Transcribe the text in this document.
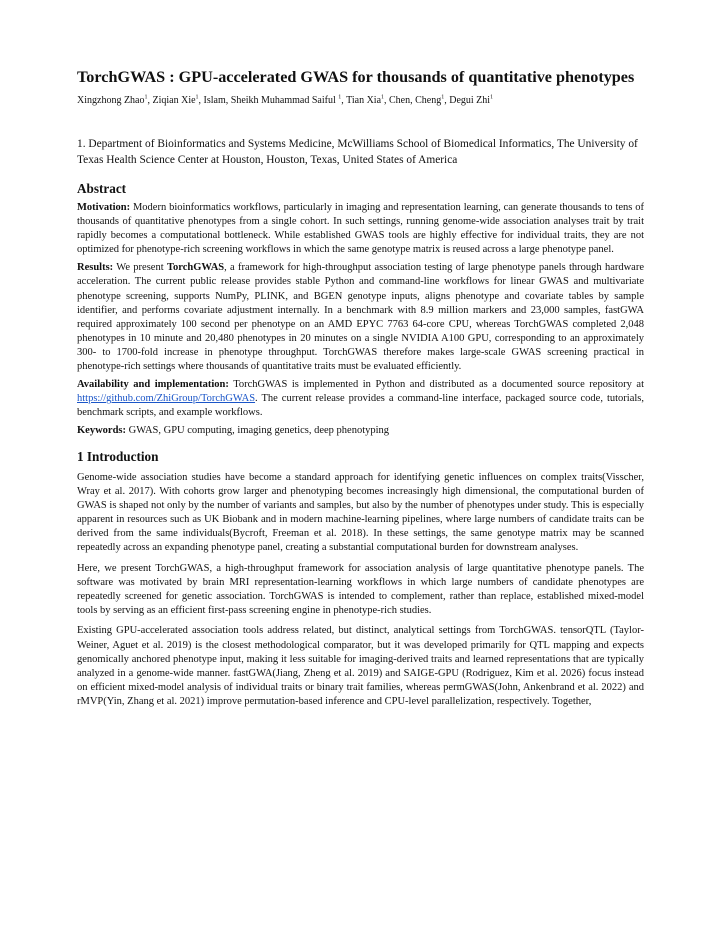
TorchGWAS : GPU-accelerated GWAS for thousands of quantitative phenotypes
Xingzhong Zhao$^1$, Ziqian Xie$^1$, Islam, Sheikh Muhammad Saiful $^1$, Tian Xia$^1$, Chen, Cheng$^1$, Degui Zhi$^1$
1. Department of Bioinformatics and Systems Medicine, McWilliams School of Biomedical Informatics, The University of Texas Health Science Center at Houston, Houston, Texas, United States of America
Abstract

Motivation: Modern bioinformatics workflows, particularly in imaging and representation learning, can generate thousands to tens of thousands of quantitative phenotypes from a single cohort. In such settings, running genome-wide association analyses trait by trait rapidly becomes a computational bottleneck. While established GWAS tools are highly effective for individual traits, they are not optimized for phenotype-rich screening workflows in which the same genotype matrix is reused across a large phenotype panel.

Results: We present TorchGWAS, a framework for high-throughput association testing of large phenotype panels through hardware acceleration. The current public release provides stable Python and command-line workflows for linear GWAS and multivariate phenotype screening, supports NumPy, PLINK, and BGEN genotype inputs, aligns phenotype and covariate tables by sample identifier, and performs covariate adjustment internally. In a benchmark with 8.9 million markers and 23,000 samples, fastGWA required approximately 100 second per phenotype on an AMD EPYC 7763 64-core CPU, whereas TorchGWAS completed 2,048 phenotypes in 10 minute and 20,480 phenotypes in 20 minutes on a single NVIDIA A100 GPU, corresponding to an approximately 300- to 1700-fold increase in phenotype throughput. TorchGWAS therefore makes large-scale GWAS screening practical in phenotype-rich settings where thousands of quantitative traits must be evaluated efficiently.

Availability and implementation: TorchGWAS is implemented in Python and distributed as a documented source repository at https://github.com/ZhiGroup/TorchGWAS. The current release provides a command-line interface, packaged source code, tutorials, benchmark scripts, and example workflows.

Keywords: GWAS, GPU computing, imaging genetics, deep phenotyping

1 Introduction

Genome-wide association studies have become a standard approach for identifying genetic influences on complex traits(Visscher, Wray et al. 2017). With cohorts grow larger and phenotyping becomes increasingly high dimensional, the computational burden of GWAS is shaped not only by the number of variants and samples, but also by the number of phenotypes under study. This is especially apparent in resources such as UK Biobank and in modern machine-learning pipelines, where large numbers of candidate traits can be derived from the same individuals(Bycroft, Freeman et al. 2018). In these settings, the same genotype matrix may be scanned repeatedly across an expanding phenotype panel, creating a substantial computational burden for downstream analyses.

Here, we present TorchGWAS, a high-throughput framework for association analysis of large quantitative phenotype panels. The software was motivated by brain MRI representation-learning workflows in which large numbers of candidate phenotypes are repeatedly screened for genetic association. TorchGWAS is intended to complement, rather than replace, established mixed-model tools by serving as an efficient first-pass screening engine in phenotype-rich studies.

Existing GPU-accelerated association tools address related, but distinct, analytical settings from TorchGWAS. tensorQTL (Taylor-Weiner, Aguet et al. 2019) is the closest methodological comparator, but it was developed primarily for QTL mapping and expects genomically anchored phenotype input, making it less suitable for imaging-derived traits and learned representations that are typically analyzed in a genome-wide manner. fastGWA(Jiang, Zheng et al. 2019) and SAIGE-GPU (Rodriguez, Kim et al. 2026) focus instead on efficient mixed-model analysis of individual traits or binary trait families, whereas permGWAS(John, Ankenbrand et al. 2022) and rMVP(Yin, Zhang et al. 2021) improve permutation-based inference and CPU-level parallelization, respectively. Together,
